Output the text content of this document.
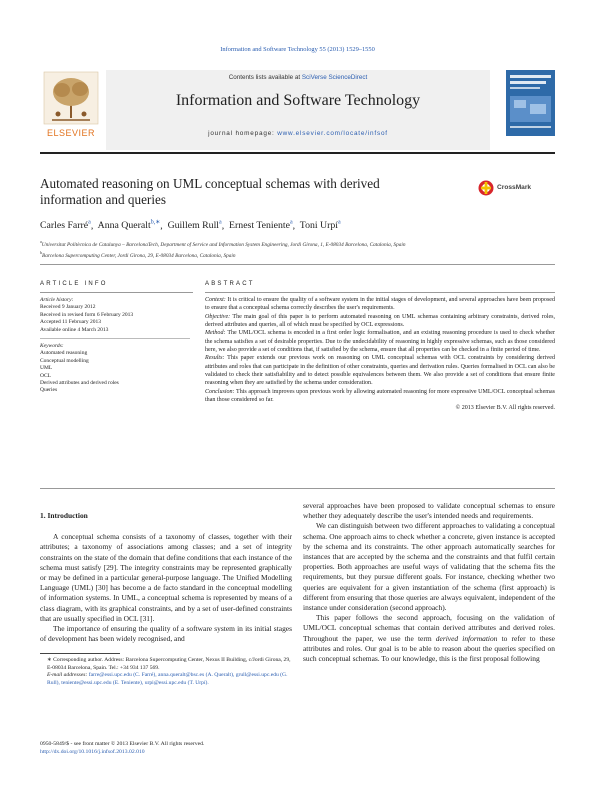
Information and Software Technology 55 (2013) 1529–1550
ELSEVIER
Contents lists available at SciVerse ScienceDirect
Information and Software Technology
journal homepage: www.elsevier.com/locate/infsof
Automated reasoning on UML conceptual schemas with derived
information and queries
CrossMark
Carles Farré$^a$,  Anna Queralt$^{b,∗}$,  Guillem Rull$^a$,  Ernest Teniente$^a$,  Toni Urpí$^a$
$^a$Universitat Politècnica de Catalunya – BarcelonaTech, Department of Service and Information System Engineering, Jordi Girona, 1, E-08034 Barcelona, Catalonia, Spain
$^b$Barcelona Supercomputing Center, Jordi Girona, 29, E-08034 Barcelona, Catalonia, Spain
ARTICLE INFO	ABSTRACT
Article history:
Received 9 January 2012
Received in revised form 6 February 2013
Accepted 11 February 2013
Available online 4 March 2013
Keywords:
Automated reasoning
Conceptual modelling
UML
OCL
Derived attributes and derived roles
Queries

Context: It is critical to ensure the quality of a software system in the initial stages of development, and several approaches have been proposed to ensure that a conceptual schema correctly describes the user's requirements.

Objective: The main goal of this paper is to perform automated reasoning on UML schemas containing arbitrary constraints, derived roles, derived attributes and queries, all of which must be specified by OCL expressions.

Method: The UML/OCL schema is encoded in a first order logic formalisation, and an existing reasoning procedure is used to check whether the schema satisfies a set of desirable properties. Due to the undecidability of reasoning in highly expressive schemas, such as those considered here, we also provide a set of conditions that, if satisfied by the schema, ensure that all properties can be checked in a finite period of time.

Results: This paper extends our previous work on reasoning on UML conceptual schemas with OCL constraints by considering derived attributes and roles that can participate in the definition of other constraints, queries and derivation rules. Queries formalised in OCL can also be validated to check their satisfiability and to detect possible equivalences between them. We also provide a set of conditions that ensure finite reasoning when they are satisfied by the schema under consideration.

Conclusion: This approach improves upon previous work by allowing automated reasoning for more expressive UML/OCL conceptual schemas than those considered so far.

© 2013 Elsevier B.V. All rights reserved.

1. Introduction

A conceptual schema consists of a taxonomy of classes, together with their attributes; a taxonomy of associations among classes; and a set of integrity constraints on the state of the domain that define conditions that each instance of the schema must satisfy [29]. The integrity constraints may be represented graphically or may be defined in a particular general-purpose language. The Unified Modelling Language (UML) [30] has become a de facto standard in the conceptual modelling of information systems. In UML, a conceptual schema is represented by means of a class diagram, with its graphical constraints, and by a set of user-defined constraints that are usually specified in OCL [31].

The importance of ensuring the quality of a software system in its initial stages of development has been widely recognised, and

several approaches have been proposed to validate conceptual schemas to ensure whether they adequately describe the user's intended needs and requirements.

We can distinguish between two different approaches to validating a conceptual schema. One approach aims to check whether a concrete, given instance is accepted by the schema and its constraints. The other approach automatically searches for instances that are accepted by the schema and the constraints and that fulfil certain properties. Both approaches are useful ways of validating that the schema fits the requirements, but they pursue different goals. For instance, checking whether two queries are equivalent for a given instantiation of the schema (first approach) is different from ensuring that those queries are always equivalent, independent of the instance under consideration (second approach).

This paper follows the second approach, focusing on the validation of UML/OCL conceptual schemas that contain derived attributes and derived roles. Throughout the paper, we use the term derived information to refer to these attributes and roles. Our goal is to be able to reason about the queries specified on such conceptual schemas. To our knowledge, this is the first proposal following

∗ Corresponding author. Address: Barcelona Supercomputing Center, Nexus II Building, c/Jordi Girona, 29, E-08034 Barcelona, Spain. Tel.: +34 934 137 569.
E-mail addresses: farre@essi.upc.edu (C. Farré), anna.queralt@bsc.es (A. Queralt), grull@essi.upc.edu (G. Rull), teniente@essi.upc.edu (E. Teniente), urpi@essi.upc.edu (T. Urpí).
0950-5849/$ - see front matter © 2013 Elsevier B.V. All rights reserved.
http://dx.doi.org/10.1016/j.infsof.2013.02.010
